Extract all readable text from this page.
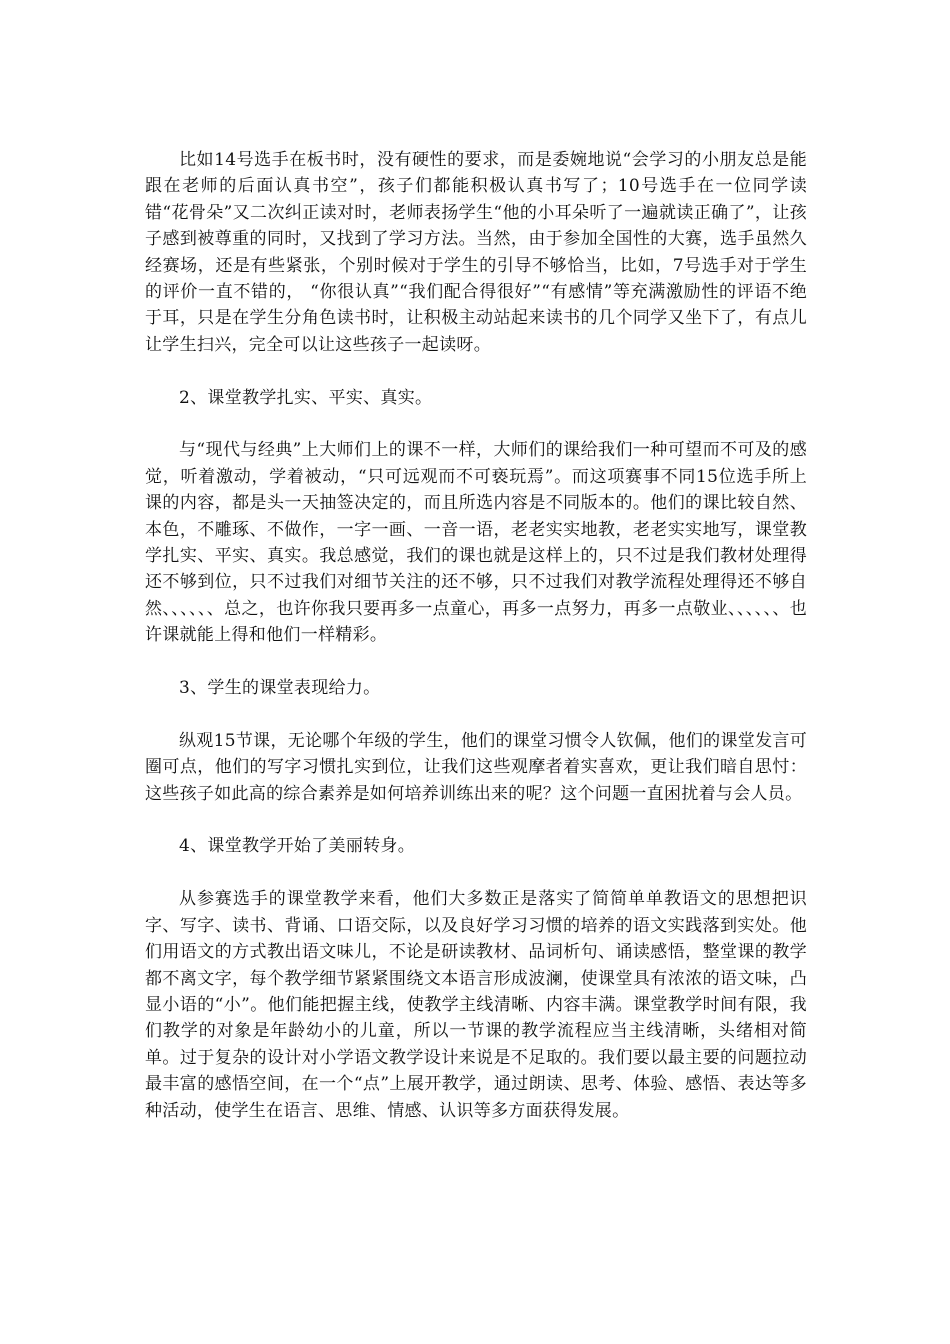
比如14号选手在板书时，没有硬性的要求，而是委婉地说“会学习的小朋友总是能跟在老师的后面认真书空”，孩子们都能积极认真书写了；10号选手在一位同学读错“花骨朵”又二次纠正读对时，老师表扬学生“他的小耳朵听了一遍就读正确了”，让孩子感到被尊重的同时，又找到了学习方法。当然，由于参加全国性的大赛，选手虽然久经赛场，还是有些紧张，个别时候对于学生的引导不够恰当，比如，7号选手对于学生的评价一直不错的， “你很认真”“我们配合得很好”“有感情”等充满激励性的评语不绝于耳，只是在学生分角色读书时，让积极主动站起来读书的几个同学又坐下了，有点儿让学生扫兴，完全可以让这些孩子一起读呀。

2、课堂教学扎实、平实、真实。

与“现代与经典”上大师们上的课不一样，大师们的课给我们一种可望而不可及的感觉，听着激动，学着被动，“只可远观而不可亵玩焉”。而这项赛事不同15位选手所上课的内容，都是头一天抽签决定的，而且所选内容是不同版本的。他们的课比较自然、本色，不雕琢、不做作，一字一画、一音一语，老老实实地教，老老实实地写，课堂教学扎实、平实、真实。我总感觉，我们的课也就是这样上的，只不过是我们教材处理得还不够到位，只不过我们对细节关注的还不够，只不过我们对教学流程处理得还不够自然、、、、、、总之，也许你我只要再多一点童心，再多一点努力，再多一点敬业、、、、、、也许课就能上得和他们一样精彩。

3、学生的课堂表现给力。

纵观15节课，无论哪个年级的学生，他们的课堂习惯令人钦佩，他们的课堂发言可圈可点，他们的写字习惯扎实到位，让我们这些观摩者着实喜欢，更让我们暗自思忖：这些孩子如此高的综合素养是如何培养训练出来的呢？这个问题一直困扰着与会人员。

4、课堂教学开始了美丽转身。

从参赛选手的课堂教学来看，他们大多数正是落实了简简单单教语文的思想把识字、写字、读书、背诵、口语交际，以及良好学习习惯的培养的语文实践落到实处。他们用语文的方式教出语文味儿，不论是研读教材、品词析句、诵读感悟，整堂课的教学都不离文字，每个教学细节紧紧围绕文本语言形成波澜，使课堂具有浓浓的语文味，凸显小语的“小”。他们能把握主线，使教学主线清晰、内容丰满。课堂教学时间有限，我们教学的对象是年龄幼小的儿童，所以一节课的教学流程应当主线清晰，头绪相对简单。过于复杂的设计对小学语文教学设计来说是不足取的。我们要以最主要的问题拉动最丰富的感悟空间，在一个“点”上展开教学，通过朗读、思考、体验、感悟、表达等多种活动，使学生在语言、思维、情感、认识等多方面获得发展。
